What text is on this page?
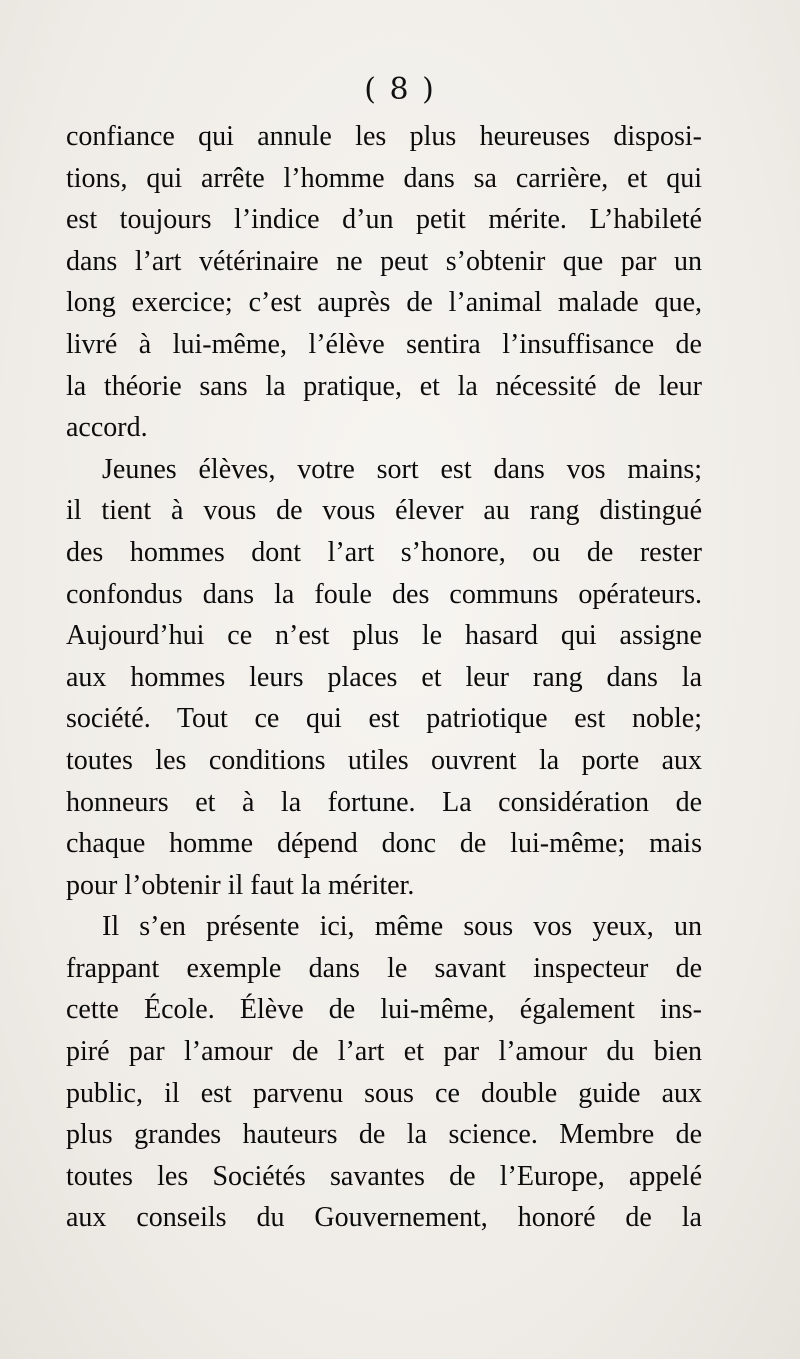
( 8 )

confiance qui annule les plus heureuses disposi-
tions, qui arrête l’homme dans sa carrière, et qui
est toujours l’indice d’un petit mérite. L’habileté
dans l’art vétérinaire ne peut s’obtenir que par un
long exercice; c’est auprès de l’animal malade que,
livré à lui-même, l’élève sentira l’insuffisance de
la théorie sans la pratique, et la nécessité de leur
accord.

Jeunes élèves, votre sort est dans vos mains;
il tient à vous de vous élever au rang distingué
des hommes dont l’art s’honore, ou de rester
confondus dans la foule des communs opérateurs.
Aujourd’hui ce n’est plus le hasard qui assigne
aux hommes leurs places et leur rang dans la
société. Tout ce qui est patriotique est noble;
toutes les conditions utiles ouvrent la porte aux
honneurs et à la fortune. La considération de
chaque homme dépend donc de lui-même; mais
pour l’obtenir il faut la mériter.

Il s’en présente ici, même sous vos yeux, un
frappant exemple dans le savant inspecteur de
cette École. Élève de lui-même, également ins-
piré par l’amour de l’art et par l’amour du bien
public, il est parvenu sous ce double guide aux
plus grandes hauteurs de la science. Membre de
toutes les Sociétés savantes de l’Europe, appelé
aux conseils du Gouvernement, honoré de la
